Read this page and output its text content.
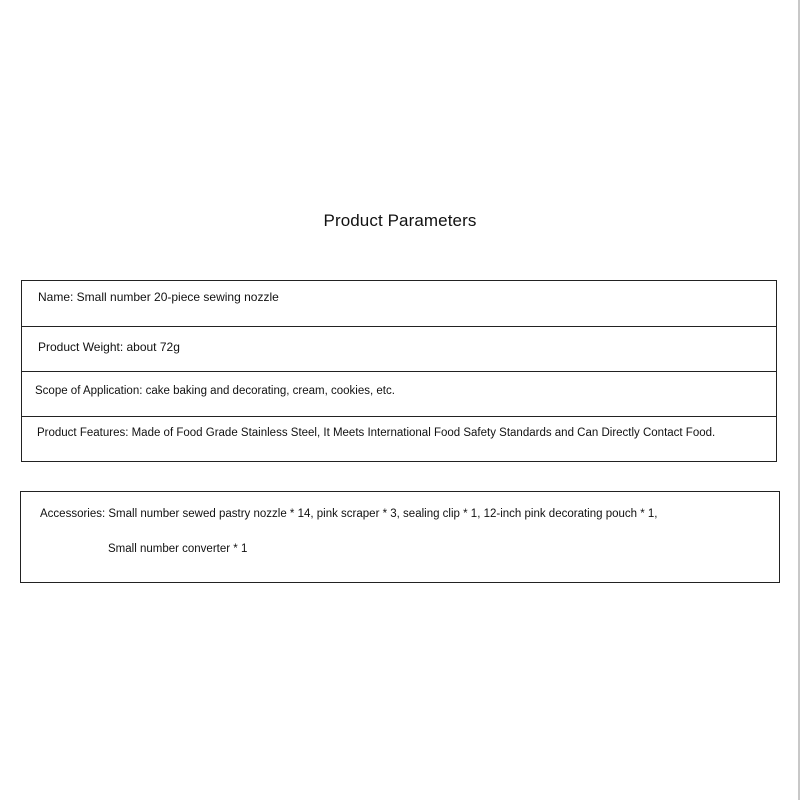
Product Parameters
Name: Small number 20-piece sewing nozzle
Product Weight: about 72g
Scope of Application: cake baking and decorating, cream, cookies, etc.
Product Features: Made of Food Grade Stainless Steel, It Meets International Food Safety Standards and Can Directly Contact Food.
Accessories: Small number sewed pastry nozzle * 14, pink scraper * 3, sealing clip * 1, 12-inch pink decorating pouch * 1,
Small number converter * 1
